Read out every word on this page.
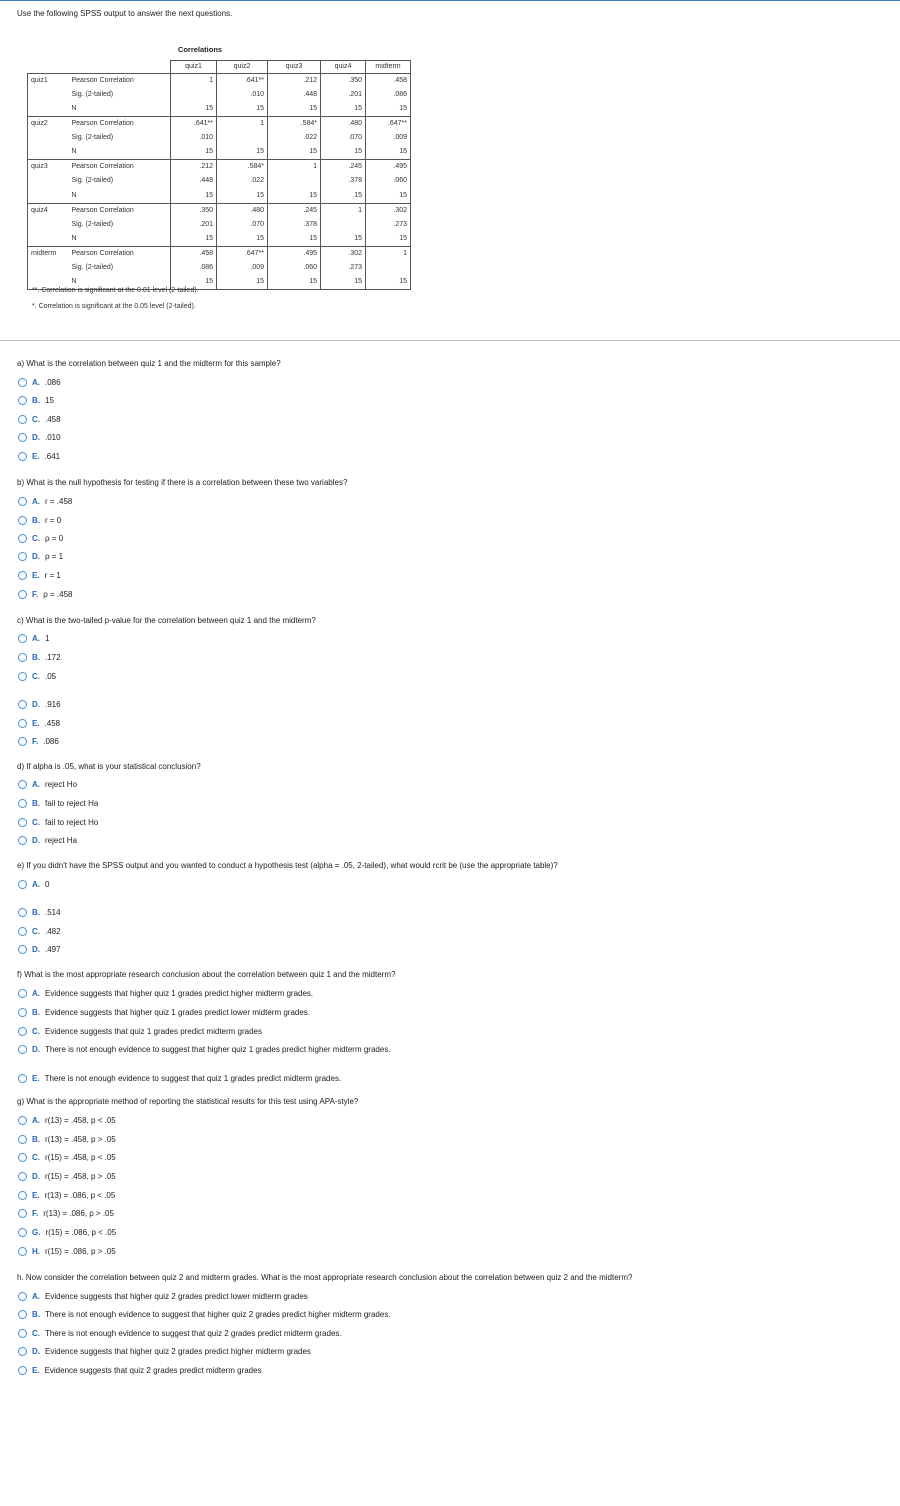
Use the following SPSS output to answer the next questions.
Correlations
		quiz1	quiz2	quiz3	quiz4	midterm
quiz1	Pearson Correlation	1	.641**	.212	.350	.458
	Sig. (2-tailed)		.010	.448	.201	.086
	N	15	15	15	15	15
quiz2	Pearson Correlation	.641**	1	.584*	.480	.647**
	Sig. (2-tailed)	.010		.022	.070	.009
	N	15	15	15	15	15
quiz3	Pearson Correlation	.212	.584*	1	.245	.495
	Sig. (2-tailed)	.448	.022		.378	.060
	N	15	15	15	15	15
quiz4	Pearson Correlation	.350	.480	.245	1	.302
	Sig. (2-tailed)	.201	.070	.378		.273
	N	15	15	15	15	15
midterm	Pearson Correlation	.458	.647**	.495	.302	1
	Sig. (2-tailed)	.086	.009	.060	.273	
	N	15	15	15	15	15
**. Correlation is significant at the 0.01 level (2-tailed).
*. Correlation is significant at the 0.05 level (2-tailed).
a) What is the correlation between quiz 1 and the midterm for this sample?
A. .086
B. 15
C. .458
D. .010
E. .641
b) What is the null hypothesis for testing if there is a correlation between these two variables?
A. r = .458
B. r = 0
C. ρ = 0
D. ρ = 1
E. r = 1
F. ρ = .458
c) What is the two-tailed p-value for the correlation between quiz 1 and the midterm?
A. 1
B. .172
C. .05
D. .916
E. .458
F. .086
d) If alpha is .05, what is your statistical conclusion?
A. reject Ho
B. fail to reject Ha
C. fail to reject Ho
D. reject Ha
e) If you didn't have the SPSS output and you wanted to conduct a hypothesis test (alpha = .05, 2-tailed), what would rcrit be (use the appropriate table)?
A. 0
B. .514
C. .482
D. .497
f) What is the most appropriate research conclusion about the correlation between quiz 1 and the midterm?
A. Evidence suggests that higher quiz 1 grades predict higher midterm grades.
B. Evidence suggests that higher quiz 1 grades predict lower midterm grades.
C. Evidence suggests that quiz 1 grades predict midterm grades
D. There is not enough evidence to suggest that higher quiz 1 grades predict higher midterm grades.
E. There is not enough evidence to suggest that quiz 1 grades predict midterm grades.
g) What is the appropriate method of reporting the statistical results for this test using APA-style?
A. r(13) = .458, p < .05
B. r(13) = .458, p > .05
C. r(15) = .458, p < .05
D. r(15) = .458, p > .05
E. r(13) = .086, p < .05
F. r(13) = .086, p > .05
G. r(15) = .086, p < .05
H. r(15) = .086, p > .05
h. Now consider the correlation between quiz 2 and midterm grades. What is the most appropriate research conclusion about the correlation between quiz 2 and the midterm?
A. Evidence suggests that higher quiz 2 grades predict lower midterm grades
B. There is not enough evidence to suggest that higher quiz 2 grades predict higher midterm grades.
C. There is not enough evidence to suggest that quiz 2 grades predict midterm grades.
D. Evidence suggests that higher quiz 2 grades predict higher midterm grades
E. Evidence suggests that quiz 2 grades predict midterm grades
